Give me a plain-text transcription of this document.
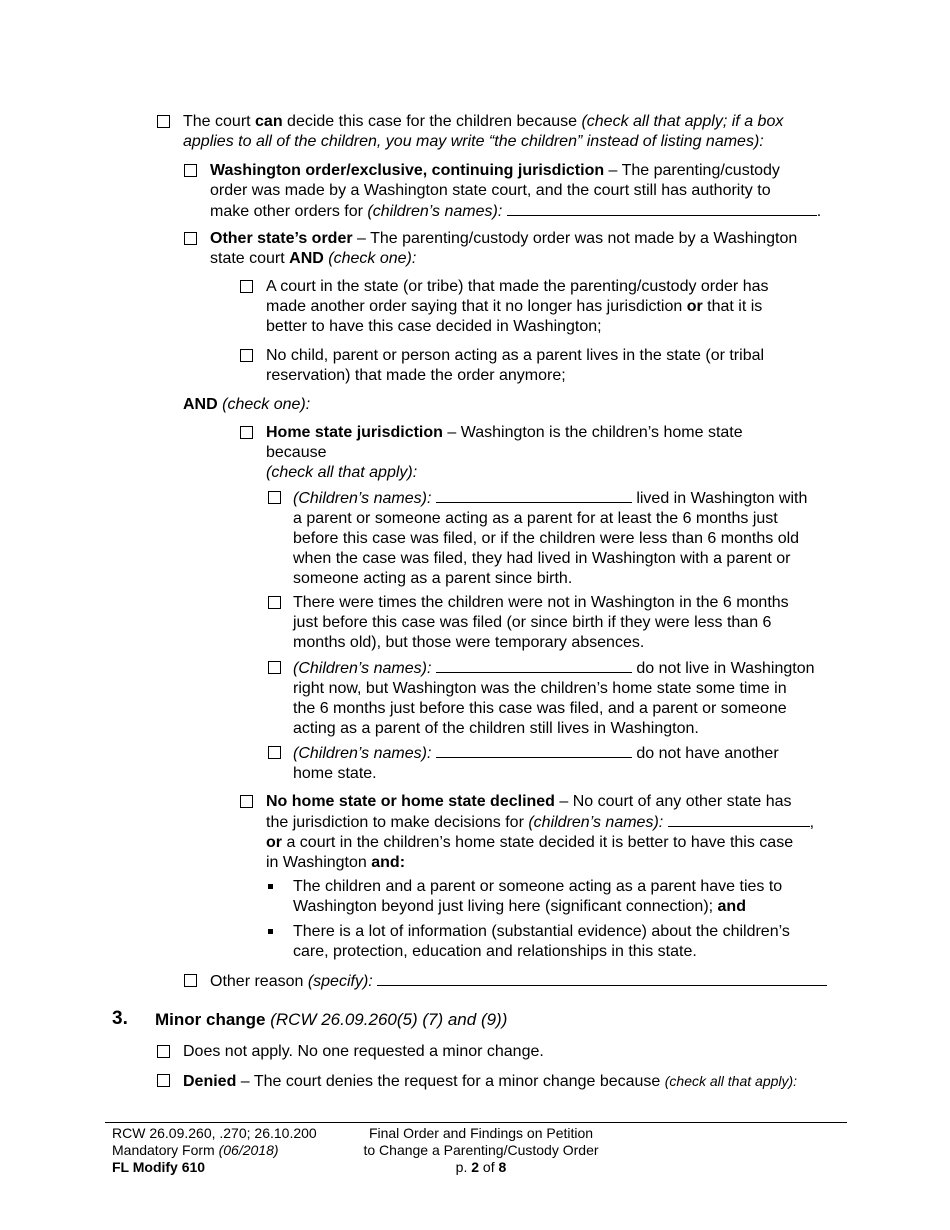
The court can decide this case for the children because (check all that apply; if a box
applies to all of the children, you may write “the children” instead of listing names):
Washington order/exclusive, continuing jurisdiction – The parenting/custody
order was made by a Washington state court, and the court still has authority to
make other orders for (children’s names):	.
Other state’s order – The parenting/custody order was not made by a Washington
state court AND (check one):
A court in the state (or tribe) that made the parenting/custody order has
made another order saying that it no longer has jurisdiction or that it is
better to have this case decided in Washington;
No child, parent or person acting as a parent lives in the state (or tribal
reservation) that made the order anymore;
AND (check one):
Home state jurisdiction – Washington is the children’s home state
because
(check all that apply):
(Children’s names):	lived in Washington with
a parent or someone acting as a parent for at least the 6 months just
before this case was filed, or if the children were less than 6 months old
when the case was filed, they had lived in Washington with a parent or
someone acting as a parent since birth.
There were times the children were not in Washington in the 6 months
just before this case was filed (or since birth if they were less than 6
months old), but those were temporary absences.
(Children’s names):	do not live in Washington
right now, but Washington was the children’s home state some time in
the 6 months just before this case was filed, and a parent or someone
acting as a parent of the children still lives in Washington.
(Children’s names):	do not have another
home state.
No home state or home state declined – No court of any other state has
the jurisdiction to make decisions for (children’s names):	,
or a court in the children’s home state decided it is better to have this case
in Washington and:
The children and a parent or someone acting as a parent have ties to
Washington beyond just living here (significant connection); and
There is a lot of information (substantial evidence) about the children’s
care, protection, education and relationships in this state.
Other reason (specify):
3. Minor change (RCW 26.09.260(5) (7) and (9))
Does not apply. No one requested a minor change.
Denied – The court denies the request for a minor change because (check all that apply):
RCW 26.09.260, .270; 26.10.200
Mandatory Form (06/2018)
FL Modify 610
Final Order and Findings on Petition
to Change a Parenting/Custody Order
p. 2 of 8
